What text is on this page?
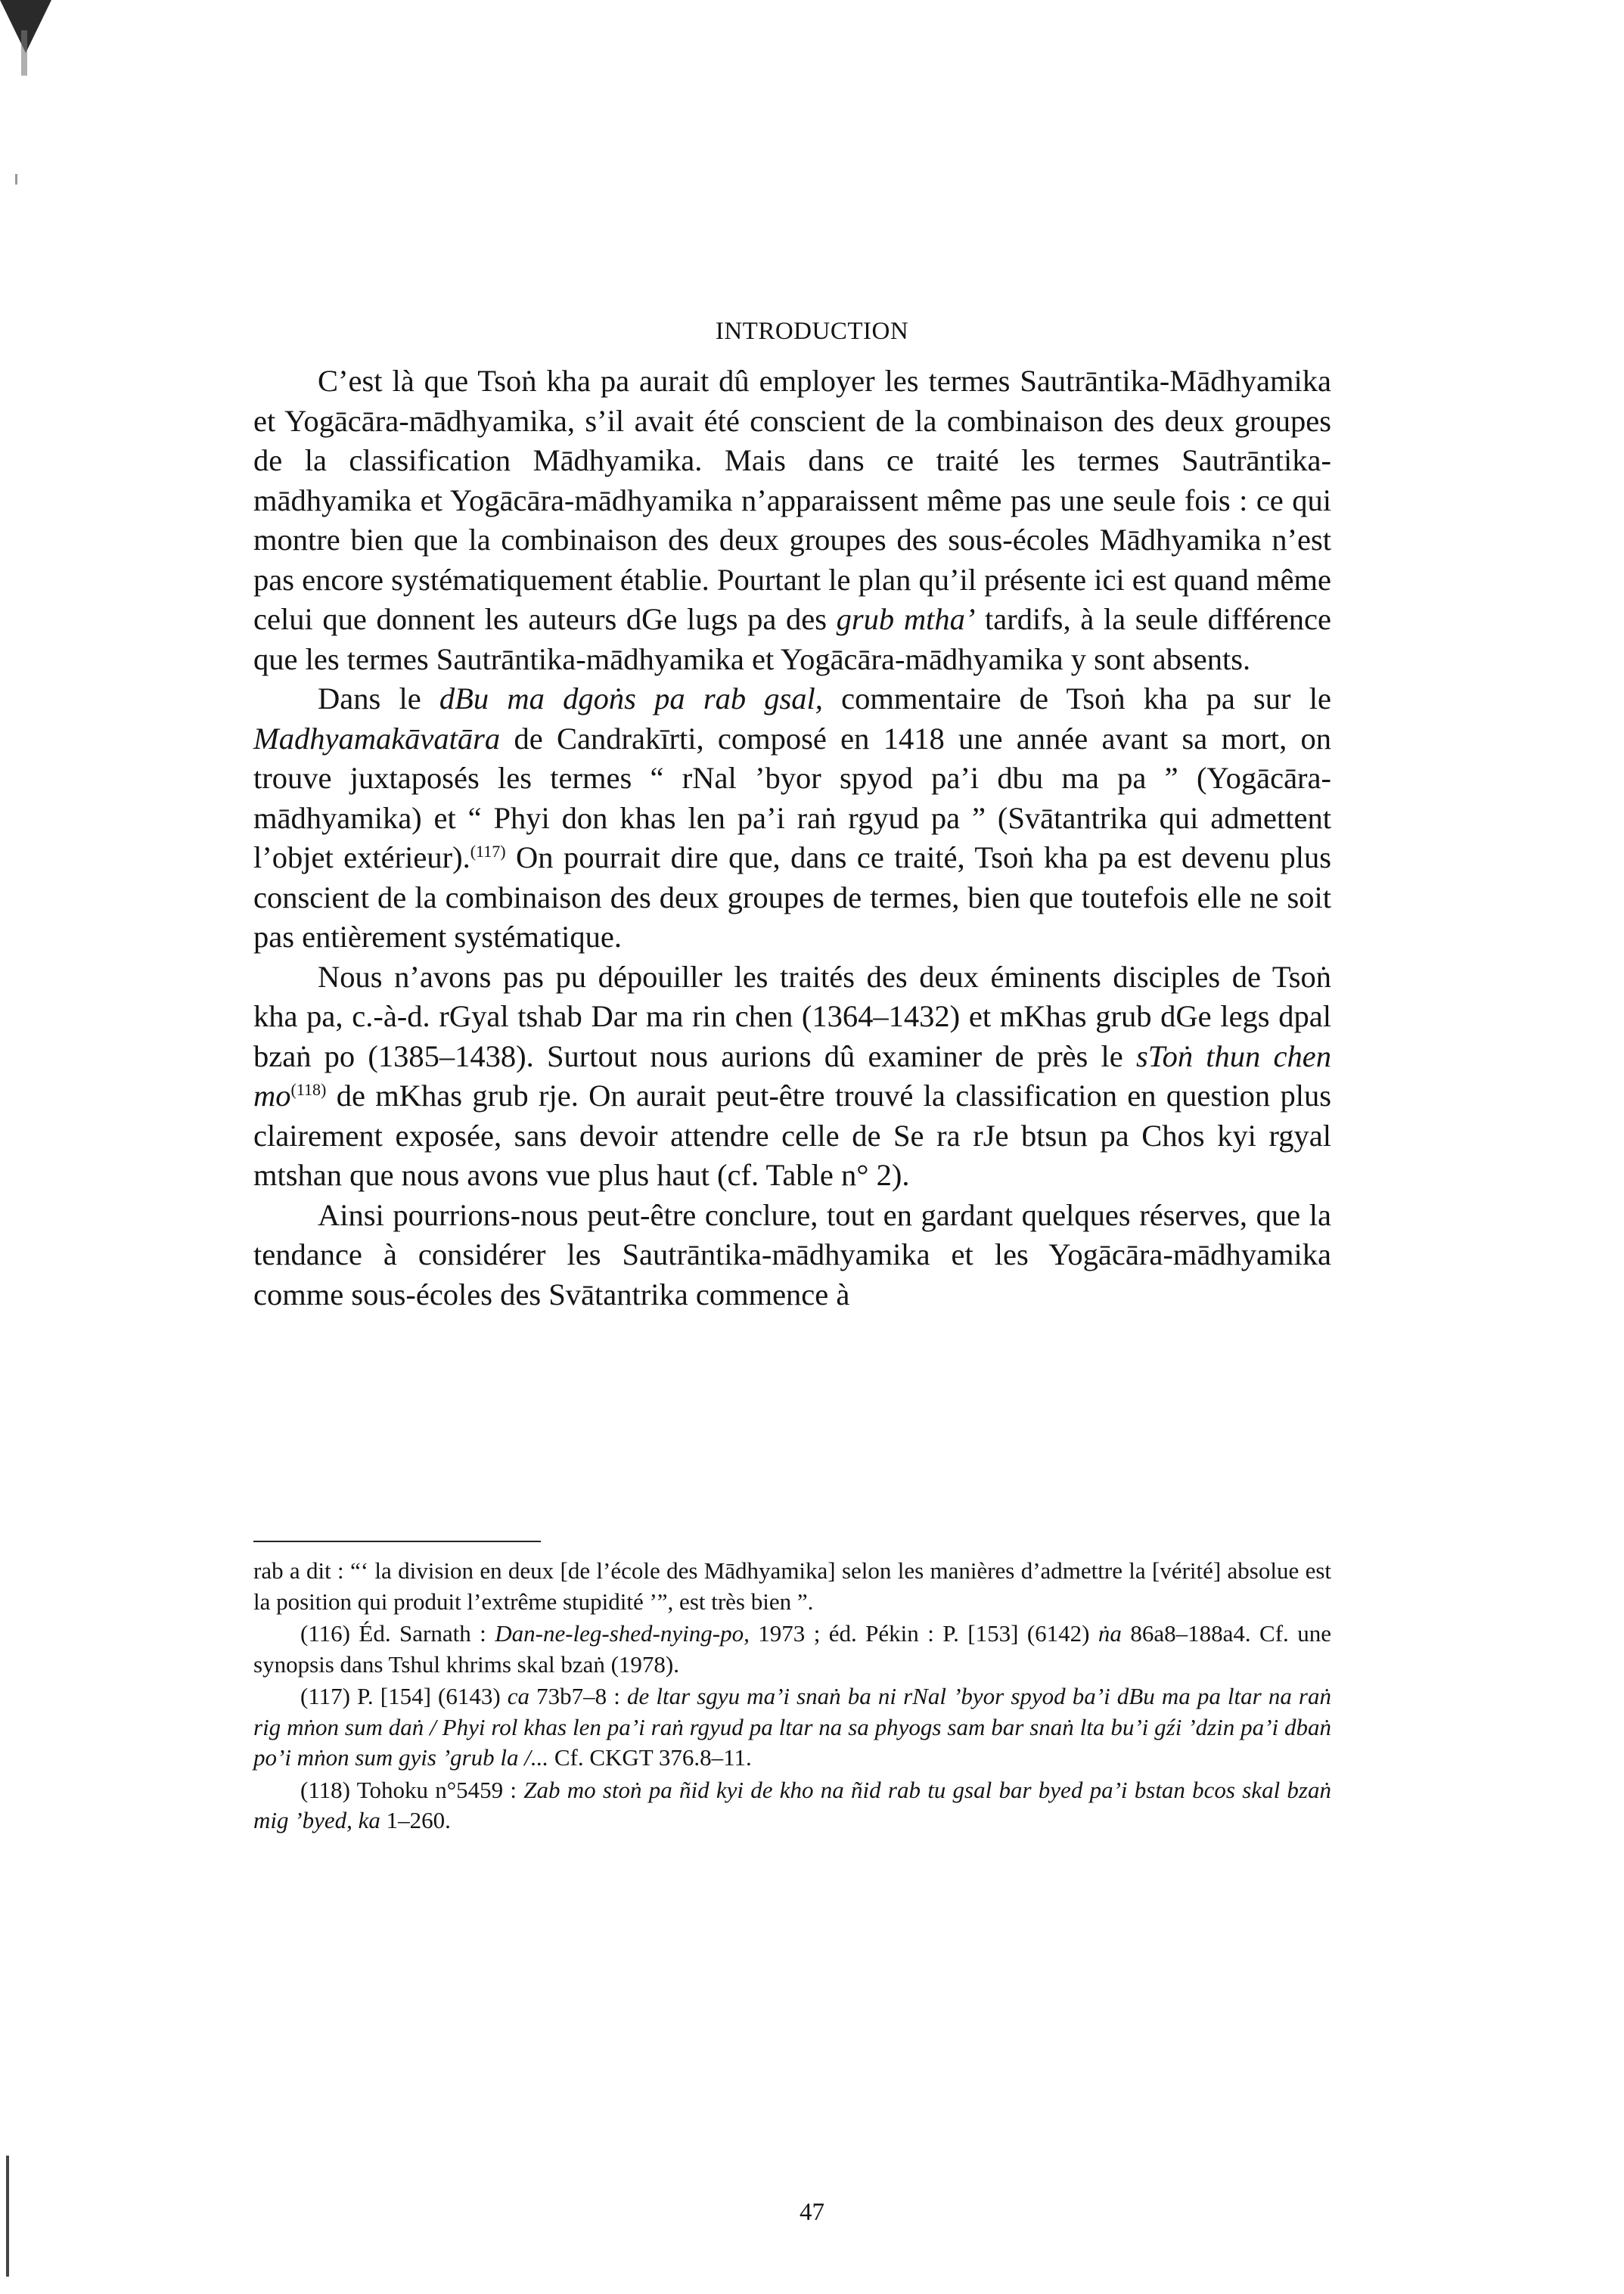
INTRODUCTION

C’est là que Tsoṅ kha pa aurait dû employer les termes Sautrāntika-Mādhyamika et Yogācāra-mādhyamika, s’il avait été conscient de la combinaison des deux groupes de la classification Mādhyamika. Mais dans ce traité les termes Sautrāntika-mādhyamika et Yogācāra-mādhyamika n’apparaissent même pas une seule fois : ce qui montre bien que la combinaison des deux groupes des sous-écoles Mādhyamika n’est pas encore systématiquement établie. Pourtant le plan qu’il présente ici est quand même celui que donnent les auteurs dGe lugs pa des grub mtha’ tardifs, à la seule différence que les termes Sautrāntika-mādhyamika et Yogācāra-mādhyamika y sont absents.

Dans le dBu ma dgoṅs pa rab gsal, commentaire de Tsoṅ kha pa sur le Madhyamakāvatāra de Candrakīrti, composé en 1418 une année avant sa mort, on trouve juxtaposés les termes “ rNal ’byor spyod pa’i dbu ma pa ” (Yogācāra-mādhyamika) et “ Phyi don khas len pa’i raṅ rgyud pa ” (Svātantrika qui admettent l’objet extérieur).$^{(117)}$ On pourrait dire que, dans ce traité, Tsoṅ kha pa est devenu plus conscient de la combinaison des deux groupes de termes, bien que toutefois elle ne soit pas entièrement systématique.

Nous n’avons pas pu dépouiller les traités des deux éminents disciples de Tsoṅ kha pa, c.-à-d. rGyal tshab Dar ma rin chen (1364–1432) et mKhas grub dGe legs dpal bzaṅ po (1385–1438). Surtout nous aurions dû examiner de près le sToṅ thun chen $mo^{(118)}$ de mKhas grub rje. On aurait peut-être trouvé la classification en question plus clairement exposée, sans devoir attendre celle de Se ra rJe btsun pa Chos kyi rgyal mtshan que nous avons vue plus haut (cf. Table n° 2).

Ainsi pourrions-nous peut-être conclure, tout en gardant quelques réserves, que la tendance à considérer les Sautrāntika-mādhyamika et les Yogācāra-mādhyamika comme sous-écoles des Svātantrika commence à

rab a dit : “‘ la division en deux [de l’école des Mādhyamika] selon les manières d’admettre la [vérité] absolue est la position qui produit l’extrême stupidité ’”, est très bien ”.

(116) Éd. Sarnath : Dan-ne-leg-shed-nying-po, 1973 ; éd. Pékin : P. [153] (6142) ṅa 86a8–188a4. Cf. une synopsis dans Tshul khrims skal bzaṅ (1978).

(117) P. [154] (6143) ca 73b7–8 : de ltar sgyu ma’i snaṅ ba ni rNal ’byor spyod ba’i dBu ma pa ltar na raṅ rig mṅon sum daṅ / Phyi rol khas len pa’i raṅ rgyud pa ltar na sa phyogs sam bar snaṅ lta bu’i gźi ’dzin pa’i dbaṅ po’i mṅon sum gyis ’grub la /... Cf. CKGT 376.8–11.

(118) Tohoku n°5459 : Zab mo stoṅ pa ñid kyi de kho na ñid rab tu gsal bar byed pa’i bstan bcos skal bzaṅ mig ’byed, ka 1–260.

47
